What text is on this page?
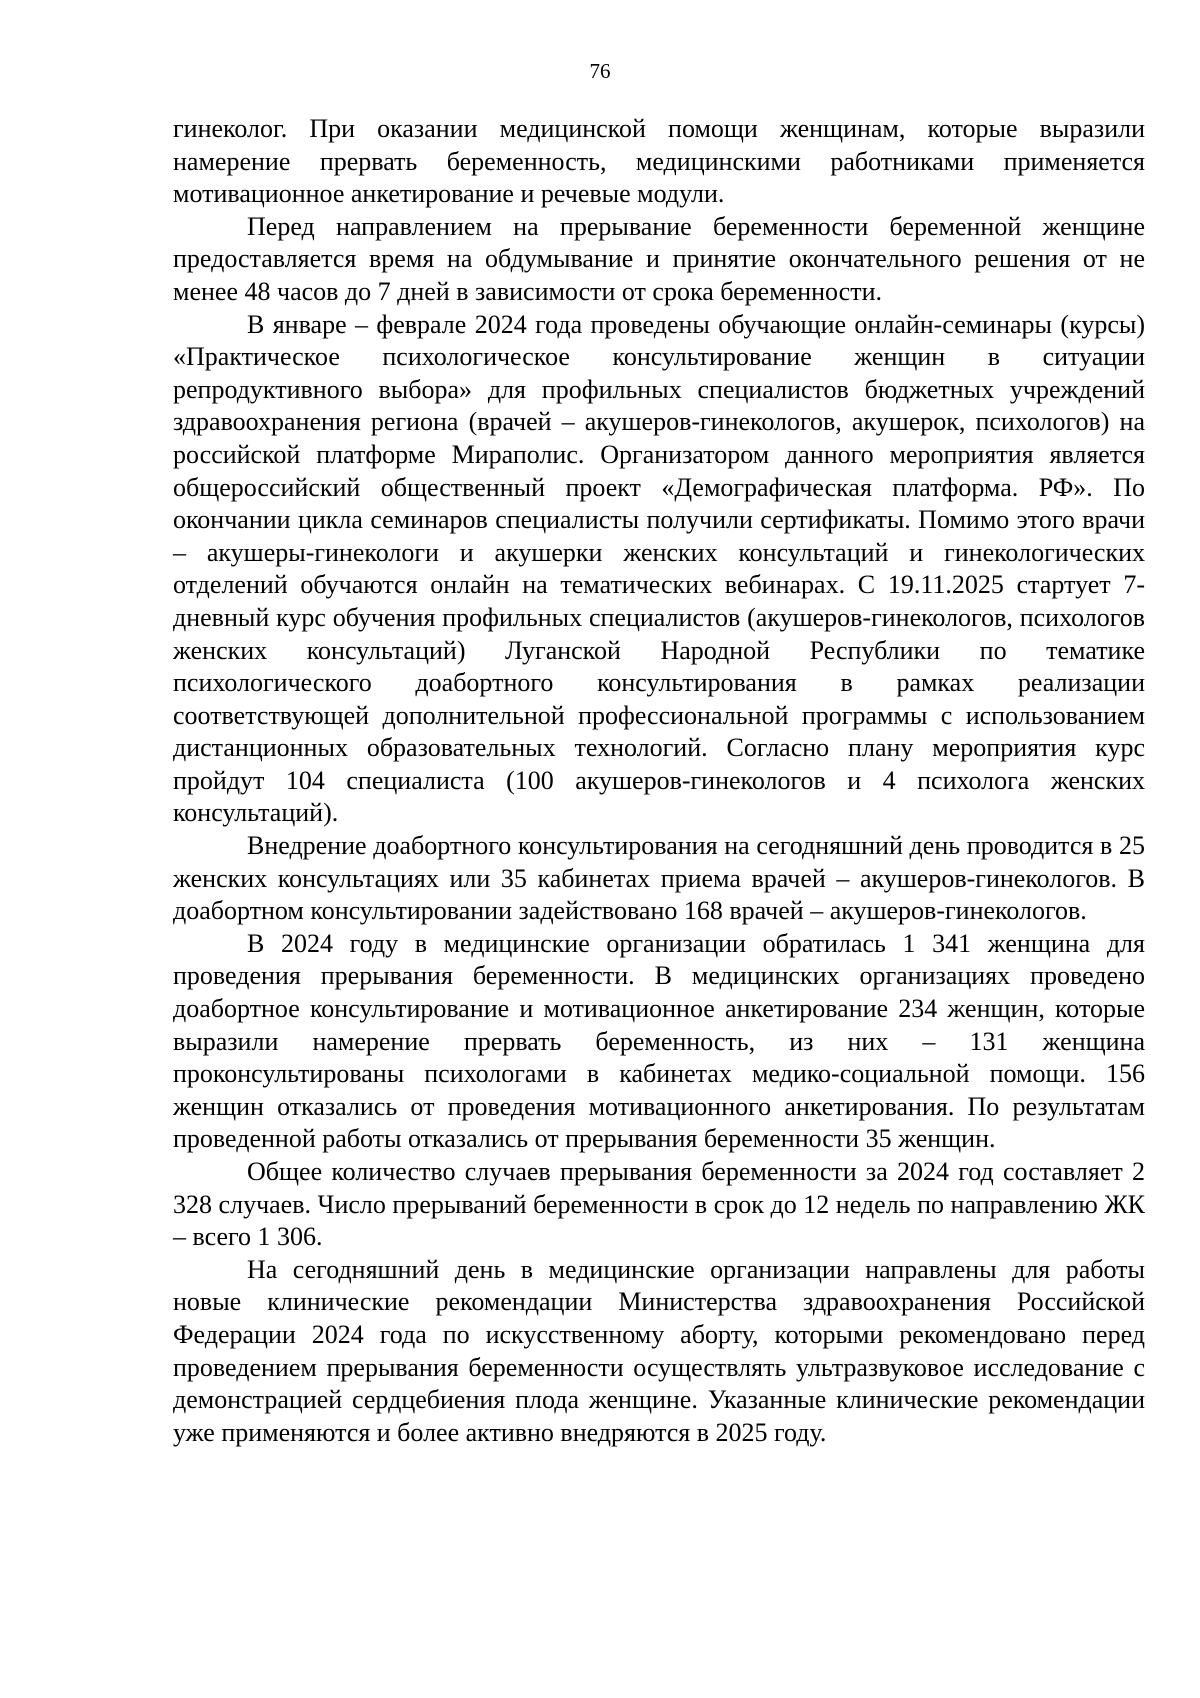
76

гинеколог. При оказании медицинской помощи женщинам, которые выразили намерение прервать беременность, медицинскими работниками применяется мотивационное анкетирование и речевые модули.

Перед направлением на прерывание беременности беременной женщине предоставляется время на обдумывание и принятие окончательного решения от не менее 48 часов до 7 дней в зависимости от срока беременности.

В январе – феврале 2024 года проведены обучающие онлайн-семинары (курсы) «Практическое психологическое консультирование женщин в ситуации репродуктивного выбора» для профильных специалистов бюджетных учреждений здравоохранения региона (врачей – акушеров-гинекологов, акушерок, психологов) на российской платформе Мираполис. Организатором данного мероприятия является общероссийский общественный проект «Демографическая платформа. РФ». По окончании цикла семинаров специалисты получили сертификаты. Помимо этого врачи – акушеры-гинекологи и акушерки женских консультаций и гинекологических отделений обучаются онлайн на тематических вебинарах. С 19.11.2025 стартует 7-дневный курс обучения профильных специалистов (акушеров-гинекологов, психологов женских консультаций) Луганской Народной Республики по тематике психологического доабортного консультирования в рамках реализации соответствующей дополнительной профессиональной программы с использованием дистанционных образовательных технологий. Согласно плану мероприятия курс пройдут 104 специалиста (100 акушеров-гинекологов и 4 психолога женских консультаций).

Внедрение доабортного консультирования на сегодняшний день проводится в 25 женских консультациях или 35 кабинетах приема врачей – акушеров-гинекологов. В доабортном консультировании задействовано 168 врачей – акушеров-гинекологов.

В 2024 году в медицинские организации обратилась 1 341 женщина для проведения прерывания беременности. В медицинских организациях проведено доабортное консультирование и мотивационное анкетирование 234 женщин, которые выразили намерение прервать беременность, из них – 131 женщина проконсультированы психологами в кабинетах медико-социальной помощи. 156 женщин отказались от проведения мотивационного анкетирования. По результатам проведенной работы отказались от прерывания беременности 35 женщин.

Общее количество случаев прерывания беременности за 2024 год составляет 2 328 случаев. Число прерываний беременности в срок до 12 недель по направлению ЖК – всего 1 306.

На сегодняшний день в медицинские организации направлены для работы новые клинические рекомендации Министерства здравоохранения Российской Федерации 2024 года по искусственному аборту, которыми рекомендовано перед проведением прерывания беременности осуществлять ультразвуковое исследование с демонстрацией сердцебиения плода женщине. Указанные клинические рекомендации уже применяются и более активно внедряются в 2025 году.
